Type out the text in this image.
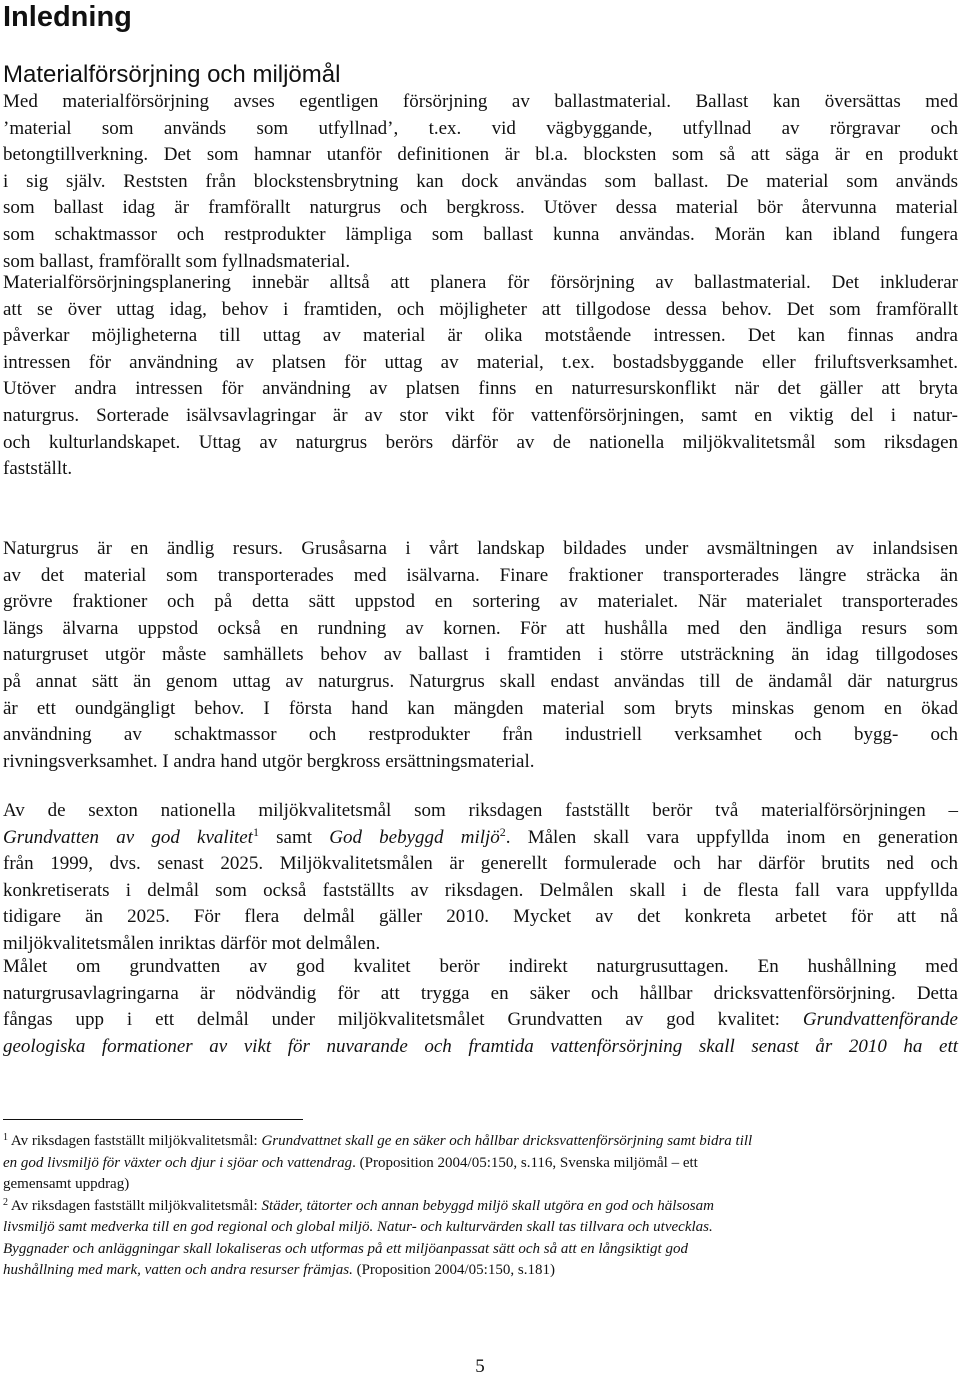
Inledning
Materialförsörjning och miljömål
Med materialförsörjning avses egentligen försörjning av ballastmaterial. Ballast kan översättas med
’material som används som utfyllnad’, t.ex. vid vägbyggande, utfyllnad av rörgravar och
betongtillverkning. Det som hamnar utanför definitionen är bl.a. blocksten som så att säga är en produkt
i sig själv. Reststen från blockstensbrytning kan dock användas som ballast. De material som används
som ballast idag är framförallt naturgrus och bergkross. Utöver dessa material bör återvunna material
som schaktmassor och restprodukter lämpliga som ballast kunna användas. Morän kan ibland fungera
som ballast, framförallt som fyllnadsmaterial.
Materialförsörjningsplanering innebär alltså att planera för försörjning av ballastmaterial. Det inkluderar
att se över uttag idag, behov i framtiden, och möjligheter att tillgodose dessa behov. Det som framförallt
påverkar möjligheterna till uttag av material är olika motstående intressen. Det kan finnas andra
intressen för användning av platsen för uttag av material, t.ex. bostadsbyggande eller friluftsverksamhet.
Utöver andra intressen för användning av platsen finns en naturresurskonflikt när det gäller att bryta
naturgrus. Sorterade isälvsavlagringar är av stor vikt för vattenförsörjningen, samt en viktig del i natur-
och kulturlandskapet. Uttag av naturgrus berörs därför av de nationella miljökvalitetsmål som riksdagen
fastställt.
Naturgrus är en ändlig resurs. Grusåsarna i vårt landskap bildades under avsmältningen av inlandsisen
av det material som transporterades med isälvarna. Finare fraktioner transporterades längre sträcka än
grövre fraktioner och på detta sätt uppstod en sortering av materialet. När materialet transporterades
längs älvarna uppstod också en rundning av kornen. För att hushålla med den ändliga resurs som
naturgruset utgör måste samhällets behov av ballast i framtiden i större utsträckning än idag tillgodoses
på annat sätt än genom uttag av naturgrus. Naturgrus skall endast användas till de ändamål där naturgrus
är ett oundgängligt behov. I första hand kan mängden material som bryts minskas genom en ökad
användning av schaktmassor och restprodukter från industriell verksamhet och bygg- och
rivningsverksamhet. I andra hand utgör bergkross ersättningsmaterial.
Av de sexton nationella miljökvalitetsmål som riksdagen fastställt berör två materialförsörjningen –
Grundvatten av god kvalitet$^1$ samt God bebyggd miljö$^2$. Målen skall vara uppfyllda inom en generation
från 1999, dvs. senast 2025. Miljökvalitetsmålen är generellt formulerade och har därför brutits ned och
konkretiserats i delmål som också fastställts av riksdagen. Delmålen skall i de flesta fall vara uppfyllda
tidigare än 2025. För flera delmål gäller 2010. Mycket av det konkreta arbetet för att nå
miljökvalitetsmålen inriktas därför mot delmålen.
Målet om grundvatten av god kvalitet berör indirekt naturgrusuttagen. En hushållning med
naturgrusavlagringarna är nödvändig för att trygga en säker och hållbar dricksvattenförsörjning. Detta
fångas upp i ett delmål under miljökvalitetsmålet Grundvatten av god kvalitet: Grundvattenförande
geologiska formationer av vikt för nuvarande och framtida vattenförsörjning skall senast år 2010 ha ett
$^1$ Av riksdagen fastställt miljökvalitetsmål: Grundvattnet skall ge en säker och hållbar dricksvattenförsörjning samt bidra till
en god livsmiljö för växter och djur i sjöar och vattendrag. (Proposition 2004/05:150, s.116, Svenska miljömål – ett
gemensamt uppdrag)
$^2$ Av riksdagen fastställt miljökvalitetsmål: Städer, tätorter och annan bebyggd miljö skall utgöra en god och hälsosam
livsmiljö samt medverka till en god regional och global miljö. Natur- och kulturvärden skall tas tillvara och utvecklas.
Byggnader och anläggningar skall lokaliseras och utformas på ett miljöanpassat sätt och så att en långsiktigt god
hushållning med mark, vatten och andra resurser främjas. (Proposition 2004/05:150, s.181)
5
